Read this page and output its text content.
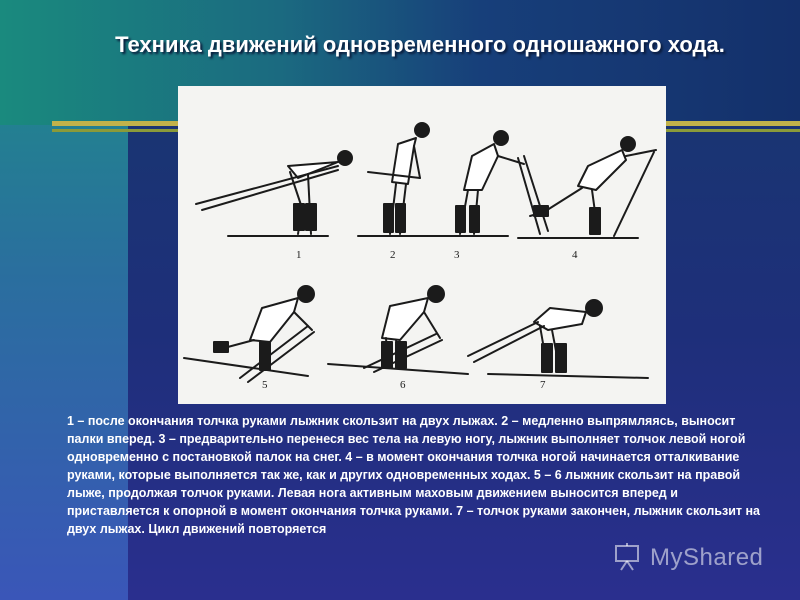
Техника движений одновременного одношажного хода.
1	2	3	4
5	6	7
1 – после окончания толчка руками лыжник скользит на двух лыжах. 2 – медленно выпрямляясь, выносит палки вперед. 3 – предварительно перенеся вес тела на левую ногу, лыжник выполняет толчок левой ногой одновременно с постановкой палок на снег. 4 – в момент окончания толчка ногой начинается отталкивание руками, которые выполняется так же, как и других одновременных ходах. 5 – 6 лыжник скользит на правой лыже, продолжая толчок руками. Левая нога активным маховым движением выносится вперед и приставляется к опорной в момент окончания толчка руками. 7 – толчок руками закончен, лыжник скользит на двух лыжах. Цикл движений повторяется
MyShared
